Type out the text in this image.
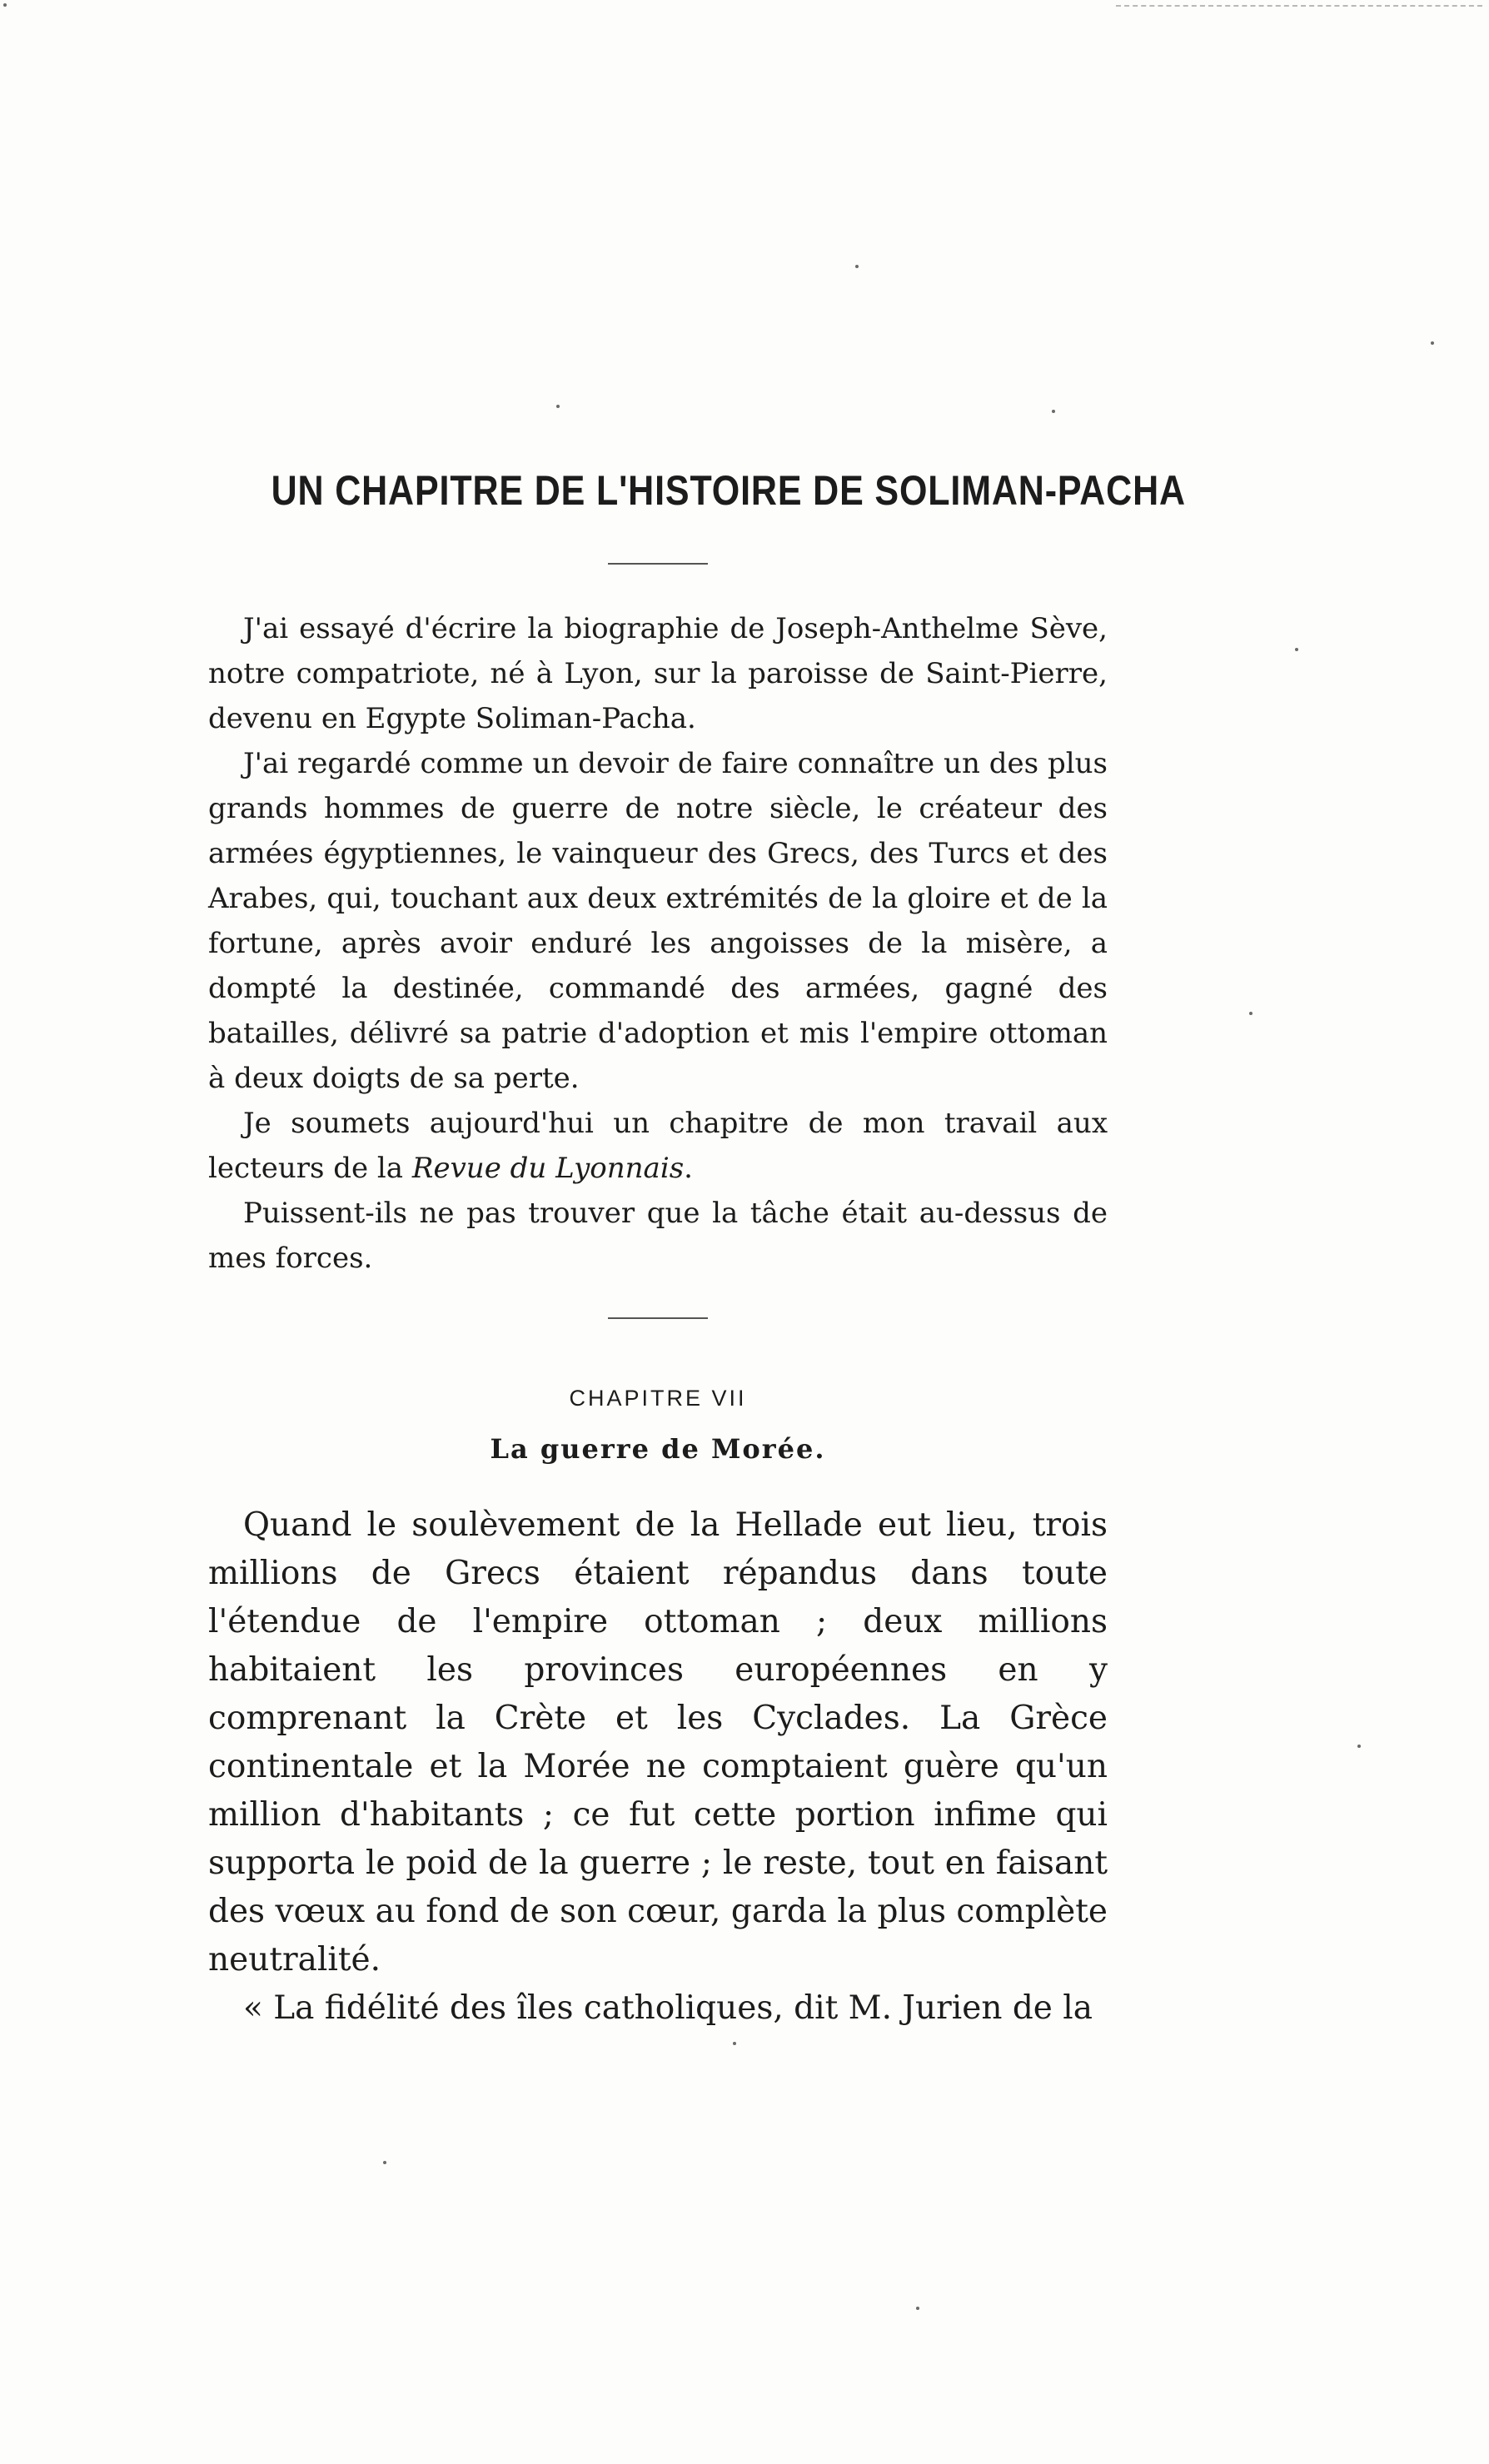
UN CHAPITRE DE L'HISTOIRE DE SOLIMAN-PACHA

J'ai essayé d'écrire la biographie de Joseph-Anthelme Sève, notre compatriote, né à Lyon, sur la paroisse de Saint-Pierre, devenu en Egypte Soliman-Pacha.

J'ai regardé comme un devoir de faire connaître un des plus grands hommes de guerre de notre siècle, le créateur des armées égyptiennes, le vainqueur des Grecs, des Turcs et des Arabes, qui, touchant aux deux extrémités de la gloire et de la fortune, après avoir enduré les angoisses de la misère, a dompté la destinée, commandé des armées, gagné des batailles, délivré sa patrie d'adoption et mis l'empire ottoman à deux doigts de sa perte.

Je soumets aujourd'hui un chapitre de mon travail aux lecteurs de la Revue du Lyonnais.

Puissent-ils ne pas trouver que la tâche était au-dessus de mes forces.

CHAPITRE VII
La guerre de Morée.

Quand le soulèvement de la Hellade eut lieu, trois millions de Grecs étaient répandus dans toute l'étendue de l'empire ottoman ; deux millions habitaient les provinces européennes en y comprenant la Crète et les Cyclades. La Grèce continentale et la Morée ne comptaient guère qu'un million d'habitants ; ce fut cette portion infime qui supporta le poid de la guerre ; le reste, tout en faisant des vœux au fond de son cœur, garda la plus complète neutralité.

« La fidélité des îles catholiques, dit M. Jurien de la
